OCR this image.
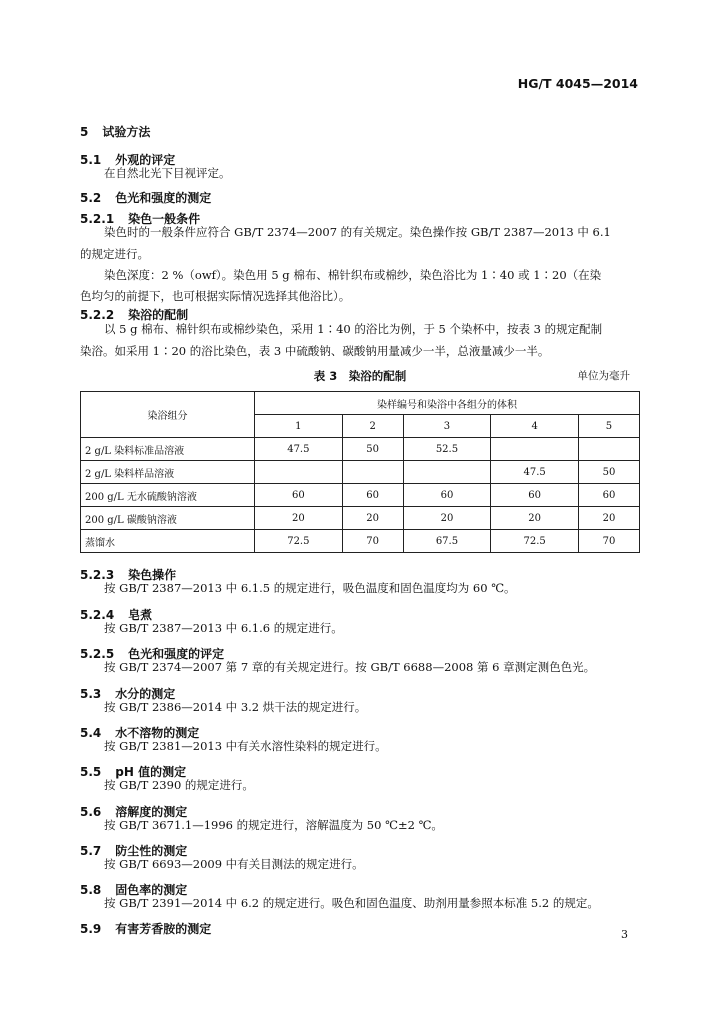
HG/T 4045—2014
5 试验方法
5.1 外观的评定
在自然北光下目视评定。
5.2 色光和强度的测定
5.2.1 染色一般条件
染色时的一般条件应符合 GB/T 2374—2007 的有关规定。染色操作按 GB/T 2387—2013 中 6.1
的规定进行。
染色深度：2 %（owf）。染色用 5 g 棉布、棉针织布或棉纱，染色浴比为 1∶40 或 1∶20（在染
色均匀的前提下，也可根据实际情况选择其他浴比）。
5.2.2 染浴的配制
以 5 g 棉布、棉针织布或棉纱染色，采用 1∶40 的浴比为例，于 5 个染杯中，按表 3 的规定配制
染浴。如采用 1∶20 的浴比染色，表 3 中硫酸钠、碳酸钠用量减少一半，总液量减少一半。
表 3　染浴的配制	单位为毫升
染浴组分	染样编号和染浴中各组分的体积				
	1	2	3	4	5
2 g/L 染料标准品溶液	47.5	50	52.5		
2 g/L 染料样品溶液				47.5	50
200 g/L 无水硫酸钠溶液	60	60	60	60	60
200 g/L 碳酸钠溶液	20	20	20	20	20
蒸馏水	72.5	70	67.5	72.5	70
5.2.3 染色操作
按 GB/T 2387—2013 中 6.1.5 的规定进行，吸色温度和固色温度均为 60 ℃。
5.2.4 皂煮
按 GB/T 2387—2013 中 6.1.6 的规定进行。
5.2.5 色光和强度的评定
按 GB/T 2374—2007 第 7 章的有关规定进行。按 GB/T 6688—2008 第 6 章测定测色色光。
5.3 水分的测定
按 GB/T 2386—2014 中 3.2 烘干法的规定进行。
5.4 水不溶物的测定
按 GB/T 2381—2013 中有关水溶性染料的规定进行。
5.5 pH 值的测定
按 GB/T 2390 的规定进行。
5.6 溶解度的测定
按 GB/T 3671.1—1996 的规定进行，溶解温度为 50 ℃±2 ℃。
5.7 防尘性的测定
按 GB/T 6693—2009 中有关目测法的规定进行。
5.8 固色率的测定
按 GB/T 2391—2014 中 6.2 的规定进行。吸色和固色温度、助剂用量参照本标准 5.2 的规定。
5.9 有害芳香胺的测定	3
